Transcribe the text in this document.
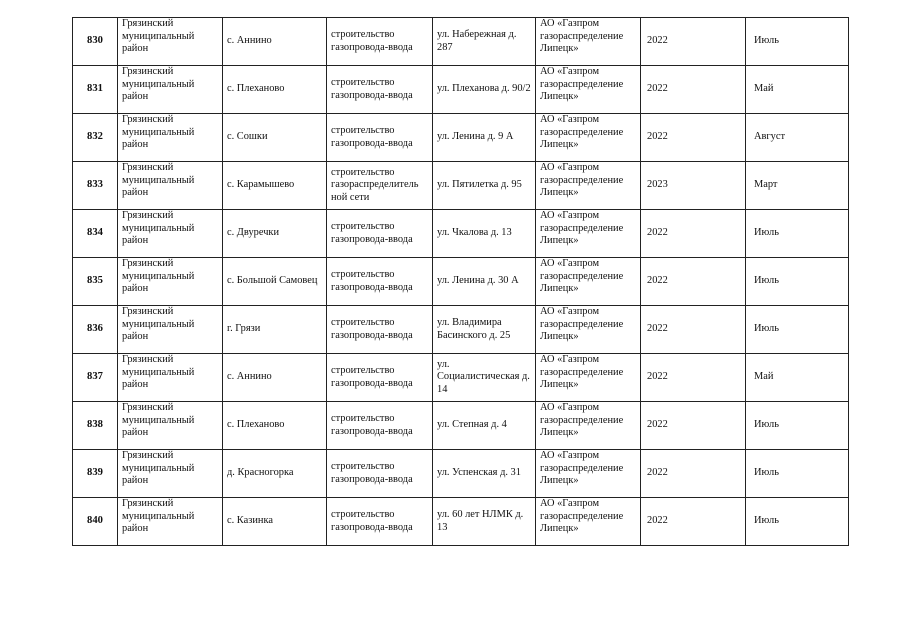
830	Грязинский муниципальный район	с. Аннино	строительство газопровода-ввода	ул. Набережная д. 287	АО «Газпром газораспределение Липецк»	2022	Июль
831	Грязинский муниципальный район	с. Плеханово	строительство газопровода-ввода	ул. Плеханова д. 90/2	АО «Газпром газораспределение Липецк»	2022	Май
832	Грязинский муниципальный район	с. Сошки	строительство газопровода-ввода	ул. Ленина д. 9 А	АО «Газпром газораспределение Липецк»	2022	Август
833	Грязинский муниципальный район	с. Карамышево	строительство газораспределитель ной сети	ул. Пятилетка д. 95	АО «Газпром газораспределение Липецк»	2023	Март
834	Грязинский муниципальный район	с. Двуречки	строительство газопровода-ввода	ул. Чкалова д. 13	АО «Газпром газораспределение Липецк»	2022	Июль
835	Грязинский муниципальный район	с. Большой Самовец	строительство газопровода-ввода	ул. Ленина д. 30 А	АО «Газпром газораспределение Липецк»	2022	Июль
836	Грязинский муниципальный район	г. Грязи	строительство газопровода-ввода	ул. Владимира Басинского д. 25	АО «Газпром газораспределение Липецк»	2022	Июль
837	Грязинский муниципальный район	с. Аннино	строительство газопровода-ввода	ул. Социалистическая д. 14	АО «Газпром газораспределение Липецк»	2022	Май
838	Грязинский муниципальный район	с. Плеханово	строительство газопровода-ввода	ул. Степная д. 4	АО «Газпром газораспределение Липецк»	2022	Июль
839	Грязинский муниципальный район	д. Красногорка	строительство газопровода-ввода	ул. Успенская д. 31	АО «Газпром газораспределение Липецк»	2022	Июль
840	Грязинский муниципальный район	с. Казинка	строительство газопровода-ввода	ул. 60 лет НЛМК д. 13	АО «Газпром газораспределение Липецк»	2022	Июль
